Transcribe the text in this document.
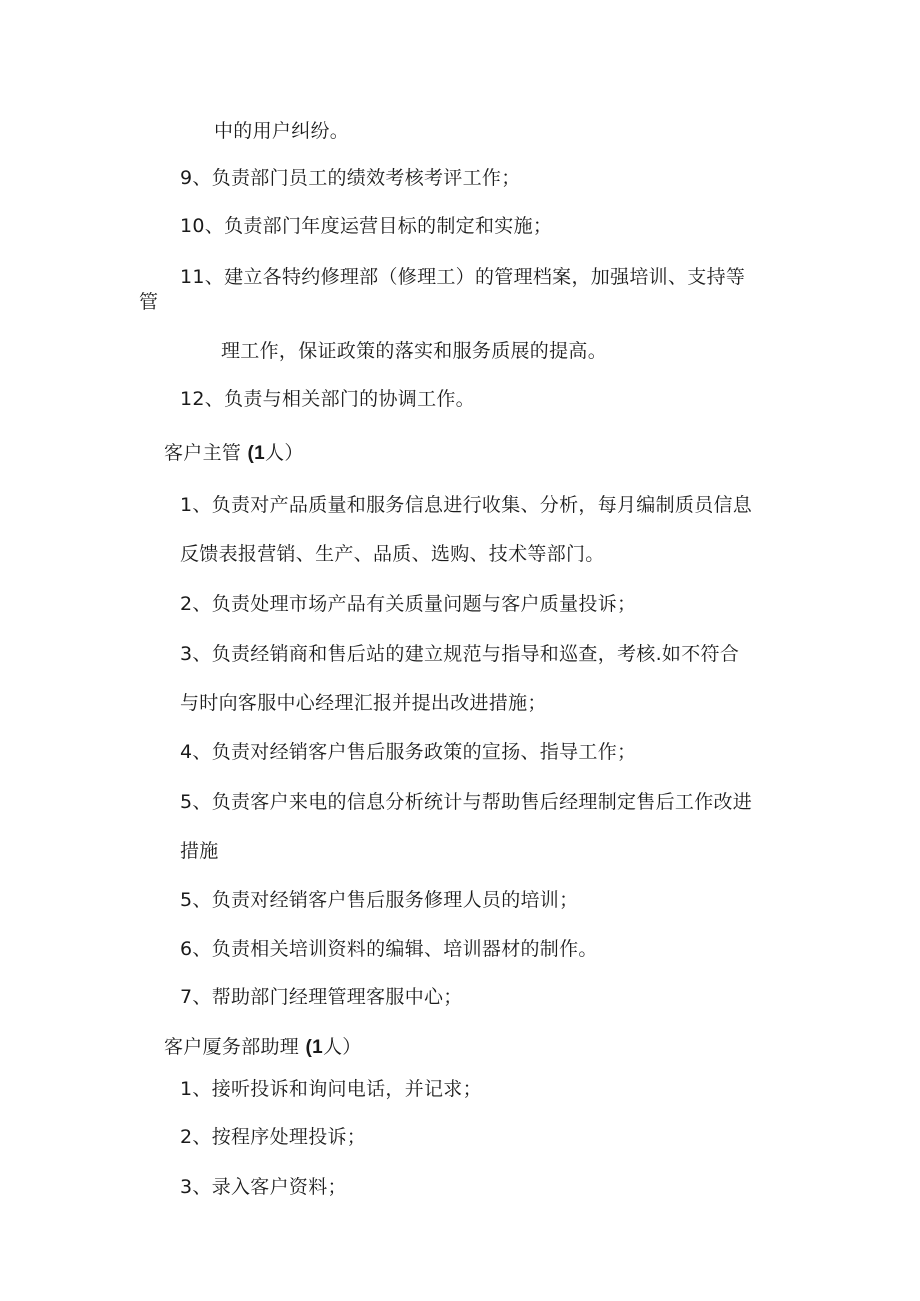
中的用户纠纷。
9、负责部门员工的绩效考核考评工作；
10、负责部门年度运营目标的制定和实施；
11、建立各特约修理部（修理工）的管理档案，加强培训、支持等
管
理工作，保证政策的落实和服务质展的提高。
12、负责与相关部门的协调工作。
客户主管 (1人）
1、负责对产品质量和服务信息进行收集、分析，每月编制质员信息
反馈表报营销、生产、品质、选购、技术等部门。
2、负责处理市场产品有关质量问题与客户质量投诉；
3、负责经销商和售后站的建立规范与指导和巡查，考核.如不符合
与时向客服中心经理汇报并提出改进措施；
4、负责对经销客户售后服务政策的宣扬、指导工作；
5、负责客户来电的信息分析统计与帮助售后经理制定售后工作改进
措施
5、负责对经销客户售后服务修理人员的培训；
6、负责相关培训资料的编辑、培训器材的制作。
7、帮助部门经理管理客服中心；
客户厦务部助理 (1人）
1、接听投诉和询问电话，并记求；
2、按程序处理投诉；
3、录入客户资料；
